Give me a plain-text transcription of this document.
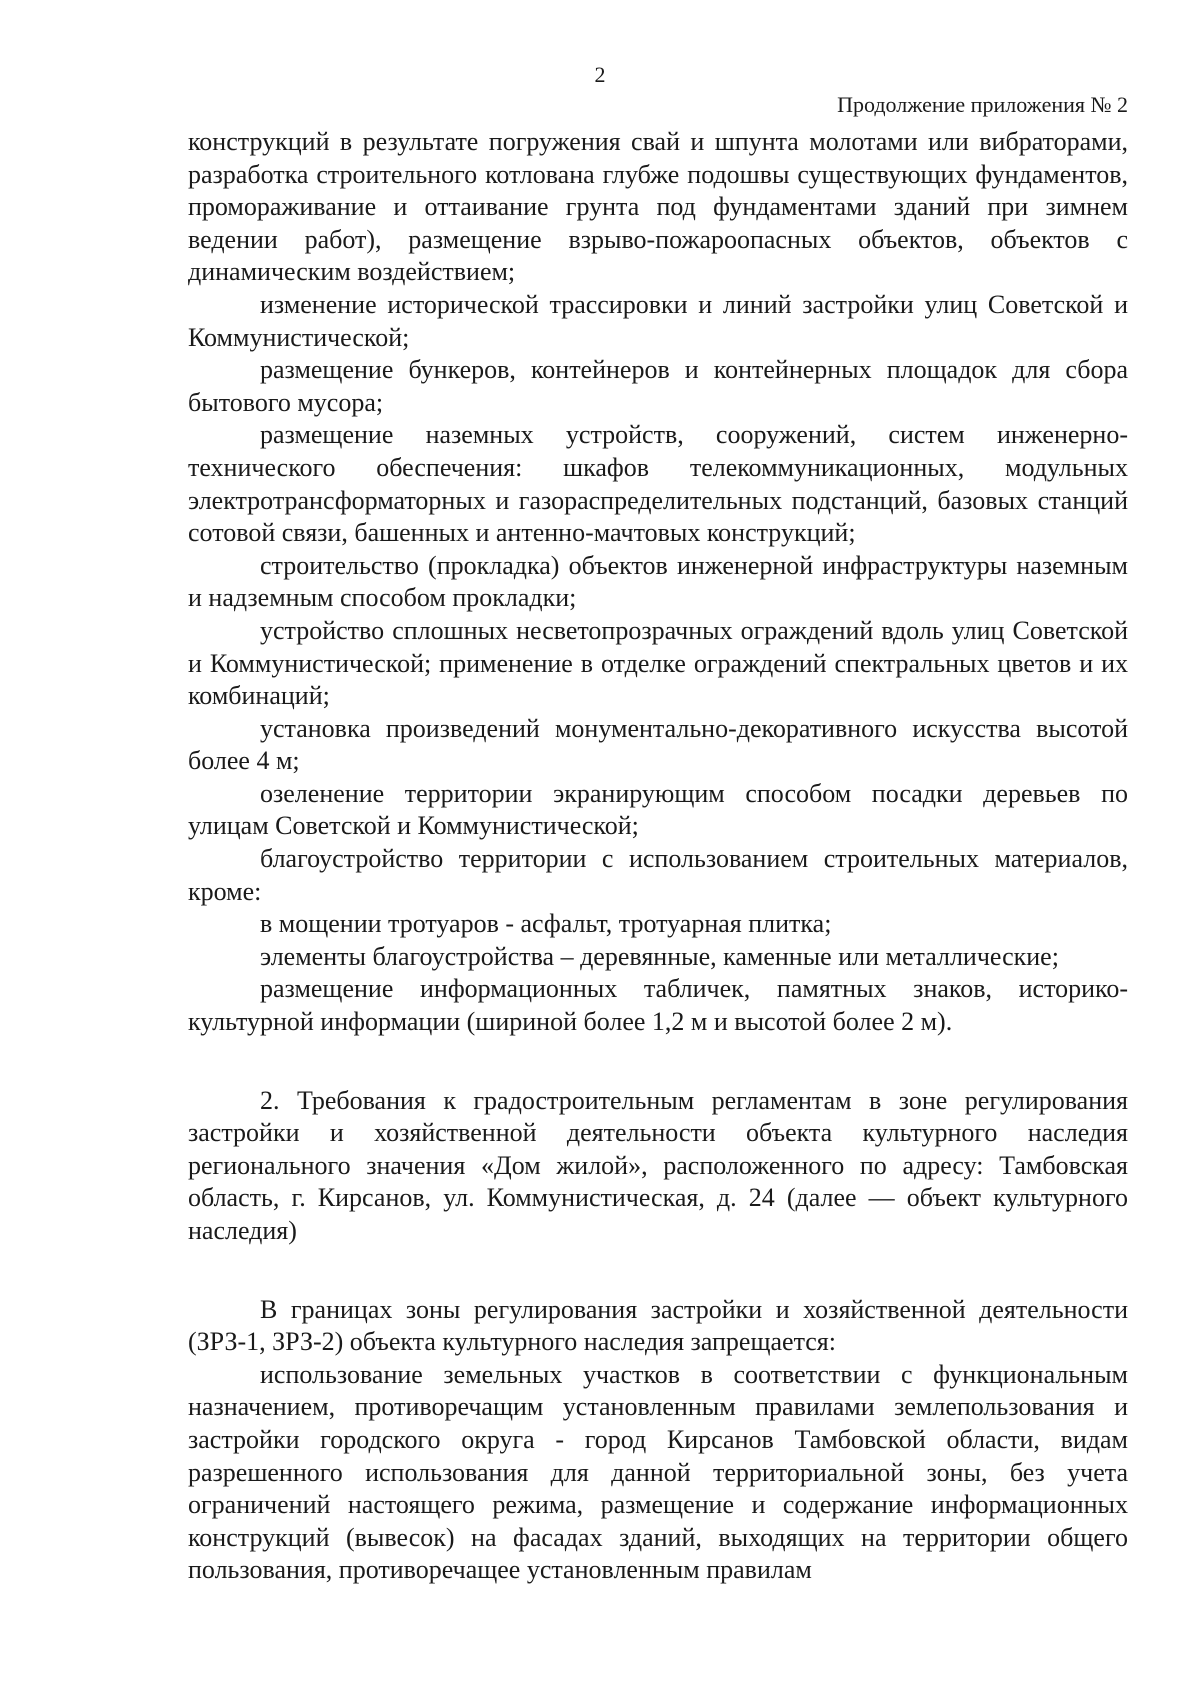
2
Продолжение приложения № 2

конструкций в результате погружения свай и шпунта молотами или вибраторами, разработка строительного котлована глубже подошвы существующих фундаментов, промораживание и оттаивание грунта под фундаментами зданий при зимнем ведении работ), размещение взрыво-пожароопасных объектов, объектов с динамическим воздействием;

изменение исторической трассировки и линий застройки улиц Советской и Коммунистической;

размещение бункеров, контейнеров и контейнерных площадок для сбора бытового мусора;

размещение наземных устройств, сооружений, систем инженерно-технического обеспечения: шкафов телекоммуникационных, модульных электротрансформаторных и газораспределительных подстанций, базовых станций сотовой связи, башенных и антенно-мачтовых конструкций;

строительство (прокладка) объектов инженерной инфраструктуры наземным и надземным способом прокладки;

устройство сплошных несветопрозрачных ограждений вдоль улиц Советской и Коммунистической; применение в отделке ограждений спектральных цветов и их комбинаций;

установка произведений монументально-декоративного искусства высотой более 4 м;

озеленение территории экранирующим способом посадки деревьев по улицам Советской и Коммунистической;

благоустройство территории с использованием строительных материалов, кроме:

в мощении тротуаров - асфальт, тротуарная плитка;

элементы благоустройства – деревянные, каменные или металлические;

размещение информационных табличек, памятных знаков, историко-культурной информации (шириной более 1,2 м и высотой более 2 м).

2. Требования к градостроительным регламентам в зоне регулирования застройки и хозяйственной деятельности объекта культурного наследия регионального значения «Дом жилой», расположенного по адресу: Тамбовская область, г. Кирсанов, ул. Коммунистическая, д. 24 (далее — объект культурного наследия)

В границах зоны регулирования застройки и хозяйственной деятельности (ЗРЗ-1, ЗРЗ-2) объекта культурного наследия запрещается:

использование земельных участков в соответствии с функциональным назначением, противоречащим установленным правилами землепользования и застройки городского округа - город Кирсанов Тамбовской области, видам разрешенного использования для данной территориальной зоны, без учета ограничений настоящего режима, размещение и содержание информационных конструкций (вывесок) на фасадах зданий, выходящих на территории общего пользования, противоречащее установленным правилам
